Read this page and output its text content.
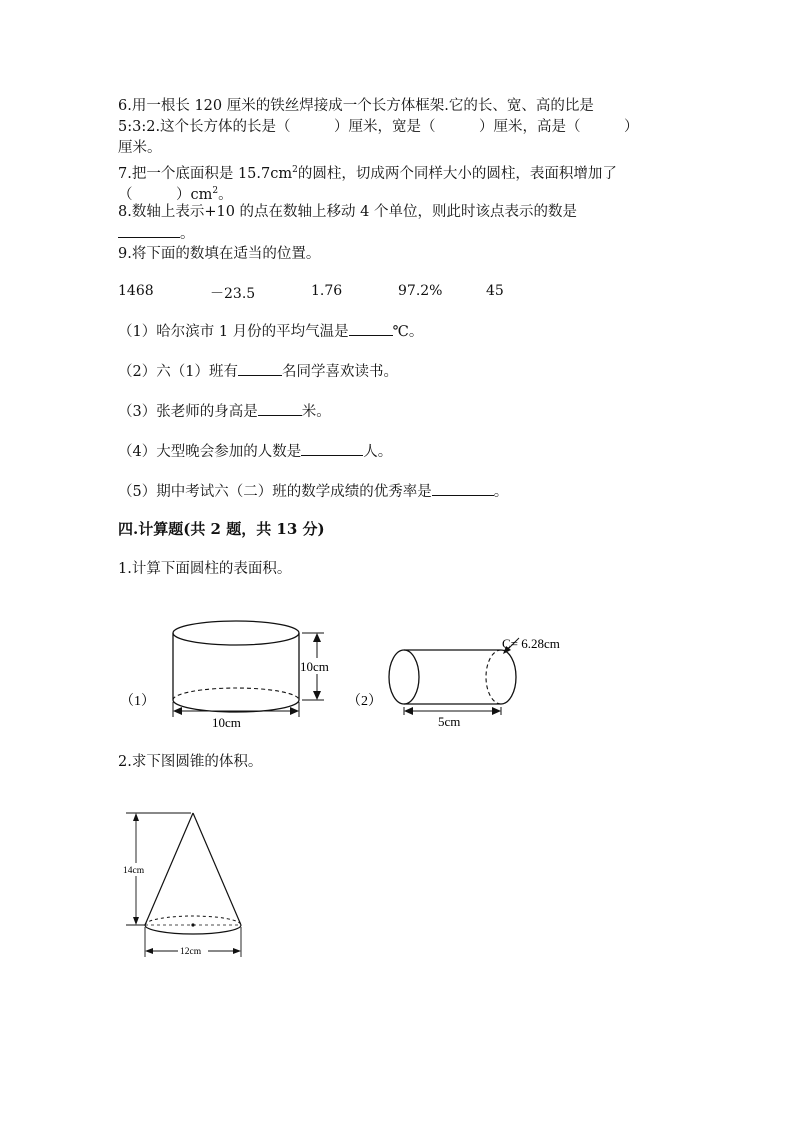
6.用一根长 120 厘米的铁丝焊接成一个长方体框架.它的长、宽、高的比是
5:3:2.这个长方体的长是（　　　）厘米，宽是（　　　）厘米，高是（　　　）
厘米。
7.把一个底面积是 $15.7cm^2$的圆柱，切成两个同样大小的圆柱，表面积增加了
（　　　）$cm^2$。
8.数轴上表示+10 的点在数轴上移动 4 个单位，则此时该点表示的数是
。
9.将下面的数填在适当的位置。
1468	－23.5	1.76	97.2%	45
（1）哈尔滨市 1 月份的平均气温是	℃。
（2）六（1）班有	名同学喜欢读书。
（3）张老师的身高是	米。
（4）大型晚会参加的人数是	人。
（5）期中考试六（二）班的数学成绩的优秀率是	。
四.计算题(共 2 题，共 13 分)
1.计算下面圆柱的表面积。
（1）
10cm
10cm
（2）
C= 6.28cm
5cm
2.求下图圆锥的体积。
14cm
12cm
